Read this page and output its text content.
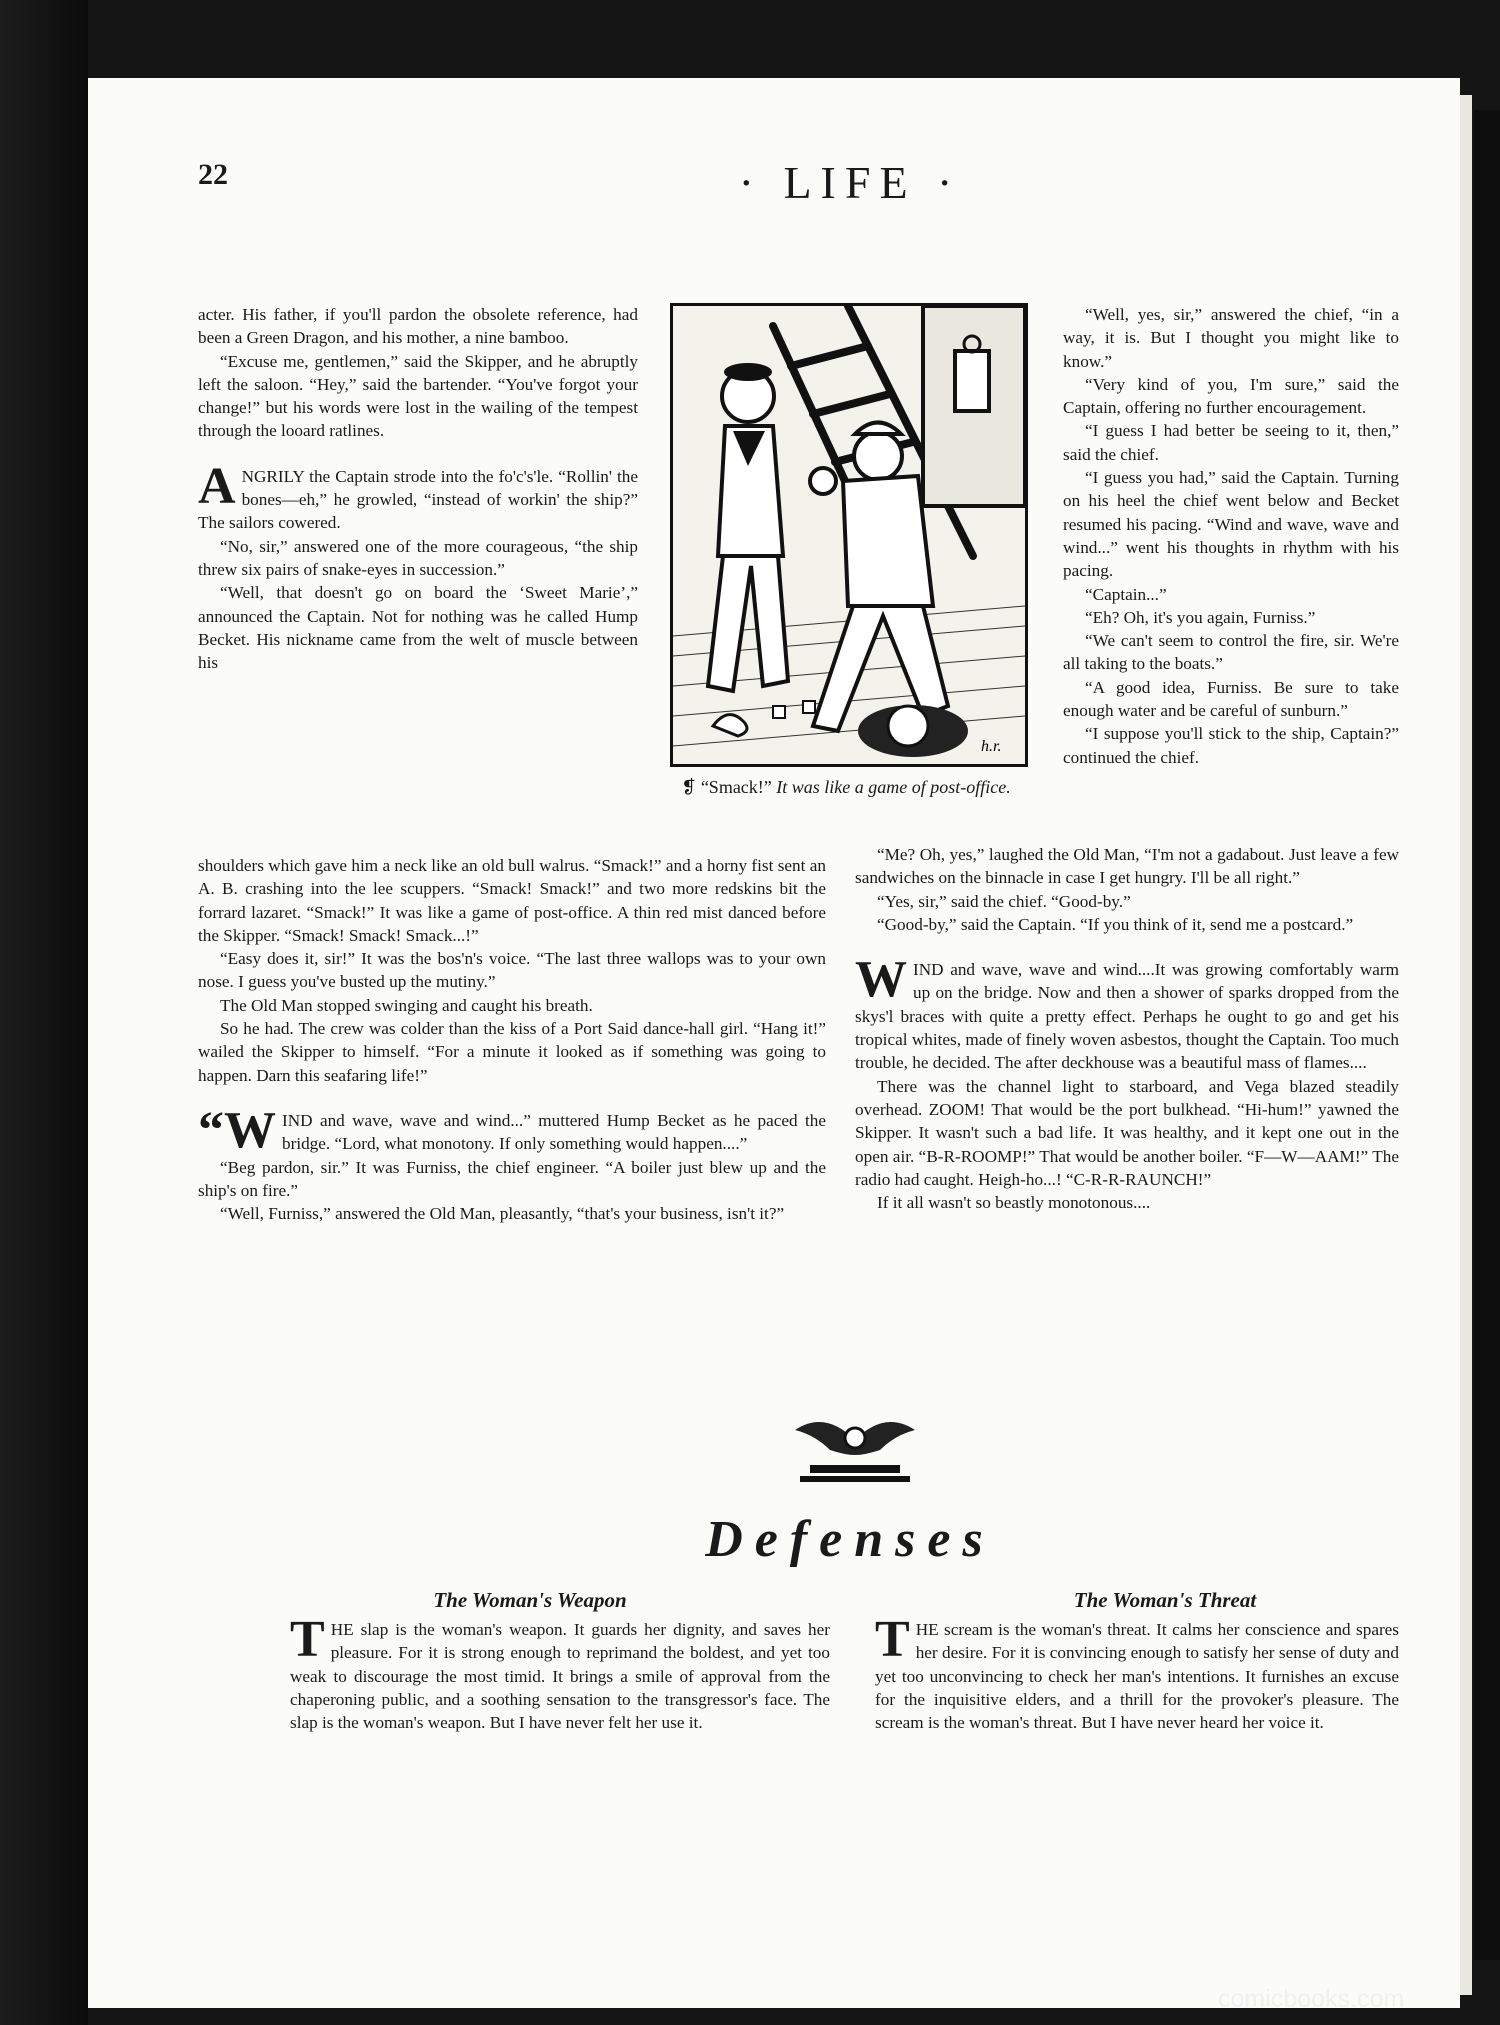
22	· LIFE ·

acter. His father, if you'll pardon the obsolete reference, had been a Green Dragon, and his mother, a nine bamboo.

“Excuse me, gentlemen,” said the Skipper, and he abruptly left the saloon. “Hey,” said the bartender. “You've forgot your change!” but his words were lost in the wailing of the tempest through the looard ratlines.

ANGRILY the Captain strode into the fo'c's'le. “Rollin' the bones—eh,” he growled, “instead of workin' the ship?” The sailors cowered.

“No, sir,” answered one of the more courageous, “the ship threw six pairs of snake-eyes in succession.”

“Well, that doesn't go on board the ‘Sweet Marie’,” announced the Captain. Not for nothing was he called Hump Becket. His nickname came from the welt of muscle between his

h.r.
❡ “Smack!” It was like a game of post-office.

shoulders which gave him a neck like an old bull walrus. “Smack!” and a horny fist sent an A. B. crashing into the lee scuppers. “Smack! Smack!” and two more redskins bit the forrard lazaret. “Smack!” It was like a game of post-office. A thin red mist danced before the Skipper. “Smack! Smack! Smack...!”

“Easy does it, sir!” It was the bos'n's voice. “The last three wallops was to your own nose. I guess you've busted up the mutiny.”

The Old Man stopped swinging and caught his breath.

So he had. The crew was colder than the kiss of a Port Said dance-hall girl. “Hang it!” wailed the Skipper to himself. “For a minute it looked as if something was going to happen. Darn this seafaring life!”

“WIND and wave, wave and wind...” muttered Hump Becket as he paced the bridge. “Lord, what monotony. If only something would happen....”

“Beg pardon, sir.” It was Furniss, the chief engineer. “A boiler just blew up and the ship's on fire.”

“Well, Furniss,” answered the Old Man, pleasantly, “that's your business, isn't it?”

“Well, yes, sir,” answered the chief, “in a way, it is. But I thought you might like to know.”

“Very kind of you, I'm sure,” said the Captain, offering no further encouragement.

“I guess I had better be seeing to it, then,” said the chief.

“I guess you had,” said the Captain. Turning on his heel the chief went below and Becket resumed his pacing. “Wind and wave, wave and wind...” went his thoughts in rhythm with his pacing.

“Captain...”

“Eh? Oh, it's you again, Furniss.”

“We can't seem to control the fire, sir. We're all taking to the boats.”

“A good idea, Furniss. Be sure to take enough water and be careful of sunburn.”

“I suppose you'll stick to the ship, Captain?” continued the chief.

“Me? Oh, yes,” laughed the Old Man, “I'm not a gadabout. Just leave a few sandwiches on the binnacle in case I get hungry. I'll be all right.”

“Yes, sir,” said the chief. “Good-by.”

“Good-by,” said the Captain. “If you think of it, send me a postcard.”

WIND and wave, wave and wind....It was growing comfortably warm up on the bridge. Now and then a shower of sparks dropped from the skys'l braces with quite a pretty effect. Perhaps he ought to go and get his tropical whites, made of finely woven asbestos, thought the Captain. Too much trouble, he decided. The after deckhouse was a beautiful mass of flames....

There was the channel light to starboard, and Vega blazed steadily overhead. ZOOM! That would be the port bulkhead. “Hi-hum!” yawned the Skipper. It wasn't such a bad life. It was healthy, and it kept one out in the open air. “B-R-ROOMP!” That would be another boiler. “F—W—AAM!” The radio had caught. Heigh-ho...! “C-R-R-RAUNCH!”

If it all wasn't so beastly monotonous....

Defenses
The Woman's Weapon	The Woman's Threat

THE slap is the woman's weapon. It guards her dignity, and saves her pleasure. For it is strong enough to reprimand the boldest, and yet too weak to discourage the most timid. It brings a smile of approval from the chaperoning public, and a soothing sensation to the transgressor's face. The slap is the woman's weapon. But I have never felt her use it.

THE scream is the woman's threat. It calms her conscience and spares her desire. For it is convincing enough to satisfy her sense of duty and yet too unconvincing to check her man's intentions. It furnishes an excuse for the inquisitive elders, and a thrill for the provoker's pleasure. The scream is the woman's threat. But I have never heard her voice it.

comicbooks.com
